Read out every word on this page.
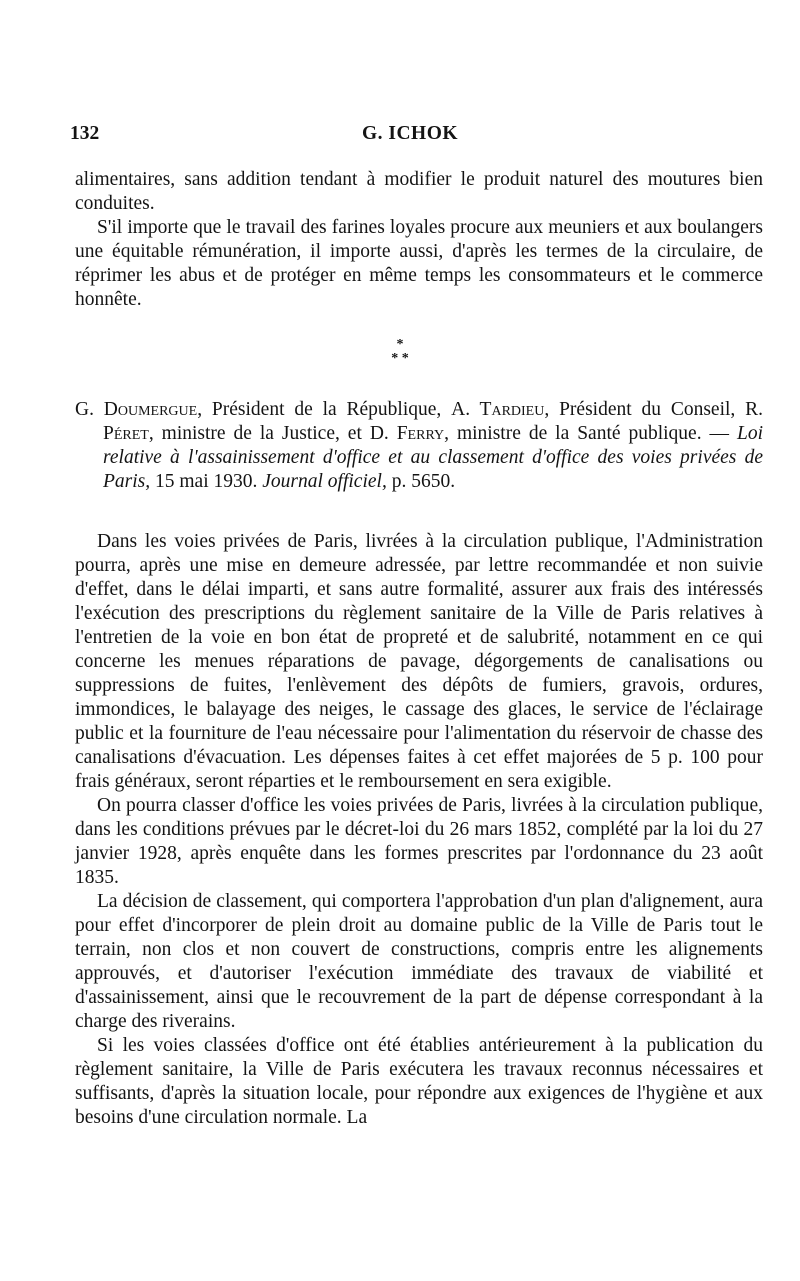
132	G. ICHOK

alimentaires, sans addition tendant à modifier le produit naturel des moutures bien conduites.

S'il importe que le travail des farines loyales procure aux meuniers et aux boulangers une équitable rémunération, il importe aussi, d'après les termes de la circulaire, de réprimer les abus et de protéger en même temps les consommateurs et le commerce honnête.

*
* *
G. Doumergue, Président de la République, A. Tardieu, Président du Conseil, R. Péret, ministre de la Justice, et D. Ferry, ministre de la Santé publique. — Loi relative à l'assainissement d'office et au classement d'office des voies privées de Paris, 15 mai 1930. Journal officiel, p. 5650.

Dans les voies privées de Paris, livrées à la circulation publique, l'Administration pourra, après une mise en demeure adressée, par lettre recommandée et non suivie d'effet, dans le délai imparti, et sans autre formalité, assurer aux frais des intéressés l'exécution des prescriptions du règlement sanitaire de la Ville de Paris relatives à l'entretien de la voie en bon état de propreté et de salubrité, notamment en ce qui concerne les menues réparations de pavage, dégorgements de canalisations ou suppressions de fuites, l'enlèvement des dépôts de fumiers, gravois, ordures, immondices, le balayage des neiges, le cassage des glaces, le service de l'éclairage public et la fourniture de l'eau nécessaire pour l'alimentation du réservoir de chasse des canalisations d'évacuation. Les dépenses faites à cet effet majorées de 5 p. 100 pour frais généraux, seront réparties et le remboursement en sera exigible.

On pourra classer d'office les voies privées de Paris, livrées à la circulation publique, dans les conditions prévues par le décret-loi du 26 mars 1852, complété par la loi du 27 janvier 1928, après enquête dans les formes prescrites par l'ordonnance du 23 août 1835.

La décision de classement, qui comportera l'approbation d'un plan d'alignement, aura pour effet d'incorporer de plein droit au domaine public de la Ville de Paris tout le terrain, non clos et non couvert de constructions, compris entre les alignements approuvés, et d'autoriser l'exécution immédiate des travaux de viabilité et d'assainissement, ainsi que le recouvrement de la part de dépense correspondant à la charge des riverains.

Si les voies classées d'office ont été établies antérieurement à la publication du règlement sanitaire, la Ville de Paris exécutera les travaux reconnus nécessaires et suffisants, d'après la situation locale, pour répondre aux exigences de l'hygiène et aux besoins d'une circulation normale. La
